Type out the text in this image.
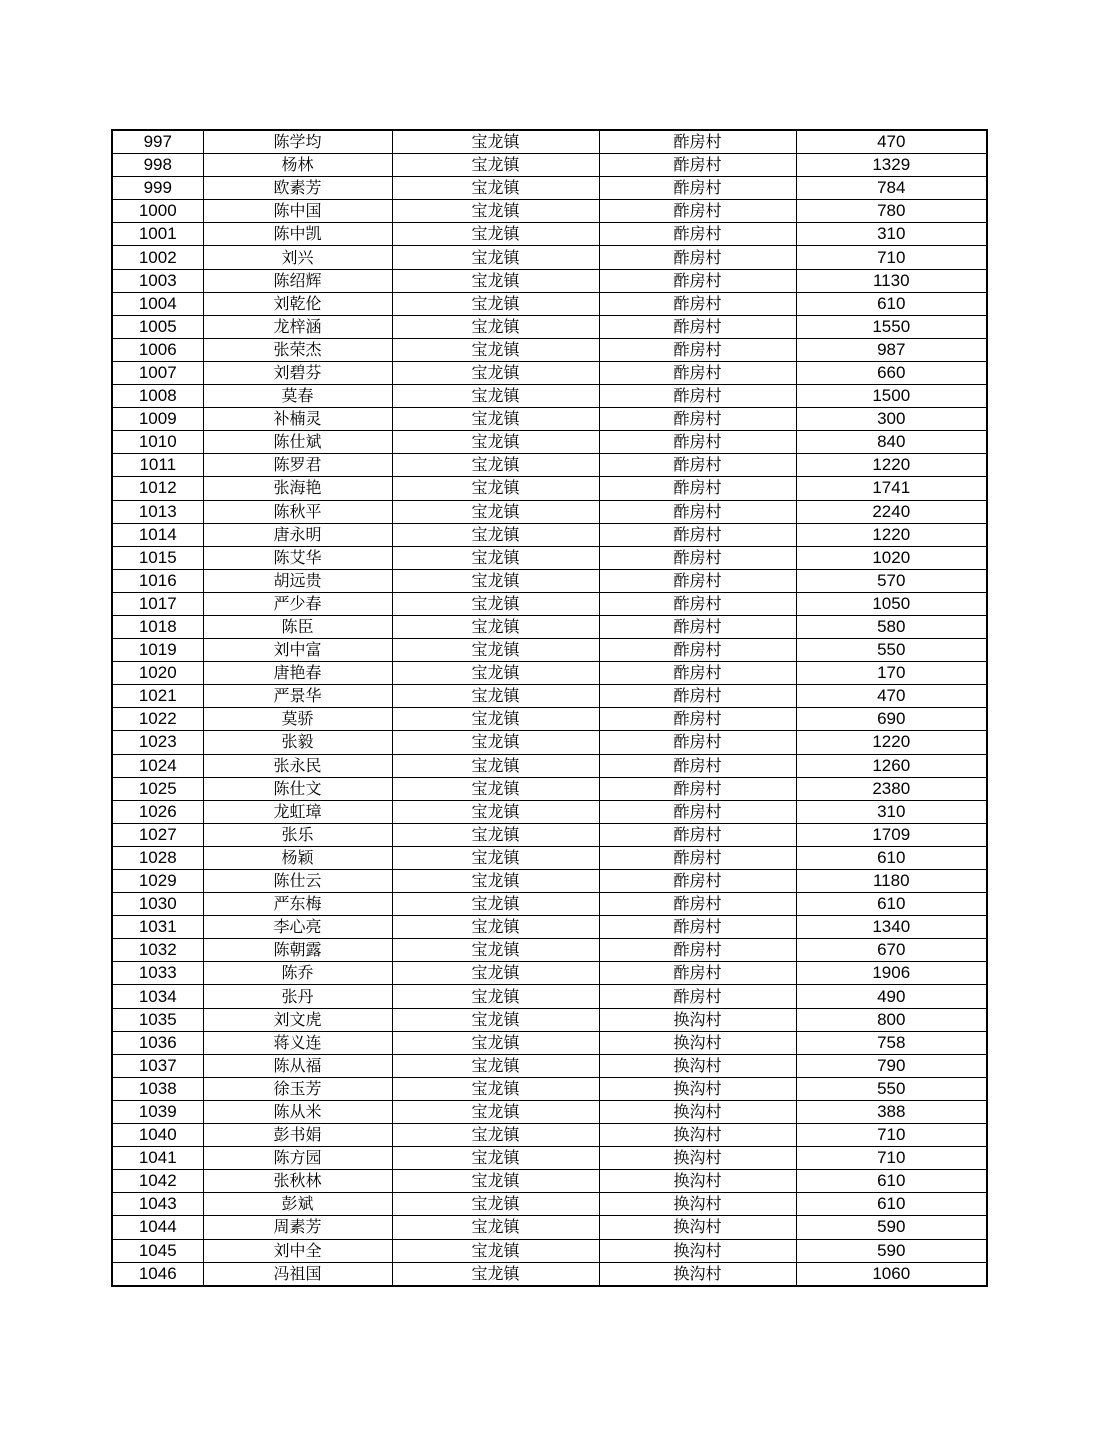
997	陈学均	宝龙镇	酢房村	470
998	杨林	宝龙镇	酢房村	1329
999	欧素芳	宝龙镇	酢房村	784
1000	陈中国	宝龙镇	酢房村	780
1001	陈中凯	宝龙镇	酢房村	310
1002	刘兴	宝龙镇	酢房村	710
1003	陈绍辉	宝龙镇	酢房村	1130
1004	刘乾伦	宝龙镇	酢房村	610
1005	龙梓涵	宝龙镇	酢房村	1550
1006	张荣杰	宝龙镇	酢房村	987
1007	刘碧芬	宝龙镇	酢房村	660
1008	莫春	宝龙镇	酢房村	1500
1009	补楠灵	宝龙镇	酢房村	300
1010	陈仕斌	宝龙镇	酢房村	840
1011	陈罗君	宝龙镇	酢房村	1220
1012	张海艳	宝龙镇	酢房村	1741
1013	陈秋平	宝龙镇	酢房村	2240
1014	唐永明	宝龙镇	酢房村	1220
1015	陈艾华	宝龙镇	酢房村	1020
1016	胡远贵	宝龙镇	酢房村	570
1017	严少春	宝龙镇	酢房村	1050
1018	陈臣	宝龙镇	酢房村	580
1019	刘中富	宝龙镇	酢房村	550
1020	唐艳春	宝龙镇	酢房村	170
1021	严景华	宝龙镇	酢房村	470
1022	莫骄	宝龙镇	酢房村	690
1023	张毅	宝龙镇	酢房村	1220
1024	张永民	宝龙镇	酢房村	1260
1025	陈仕文	宝龙镇	酢房村	2380
1026	龙虹璋	宝龙镇	酢房村	310
1027	张乐	宝龙镇	酢房村	1709
1028	杨颖	宝龙镇	酢房村	610
1029	陈仕云	宝龙镇	酢房村	1180
1030	严东梅	宝龙镇	酢房村	610
1031	李心亮	宝龙镇	酢房村	1340
1032	陈朝露	宝龙镇	酢房村	670
1033	陈乔	宝龙镇	酢房村	1906
1034	张丹	宝龙镇	酢房村	490
1035	刘文虎	宝龙镇	换沟村	800
1036	蒋义连	宝龙镇	换沟村	758
1037	陈从福	宝龙镇	换沟村	790
1038	徐玉芳	宝龙镇	换沟村	550
1039	陈从米	宝龙镇	换沟村	388
1040	彭书娟	宝龙镇	换沟村	710
1041	陈方园	宝龙镇	换沟村	710
1042	张秋林	宝龙镇	换沟村	610
1043	彭斌	宝龙镇	换沟村	610
1044	周素芳	宝龙镇	换沟村	590
1045	刘中全	宝龙镇	换沟村	590
1046	冯祖国	宝龙镇	换沟村	1060
